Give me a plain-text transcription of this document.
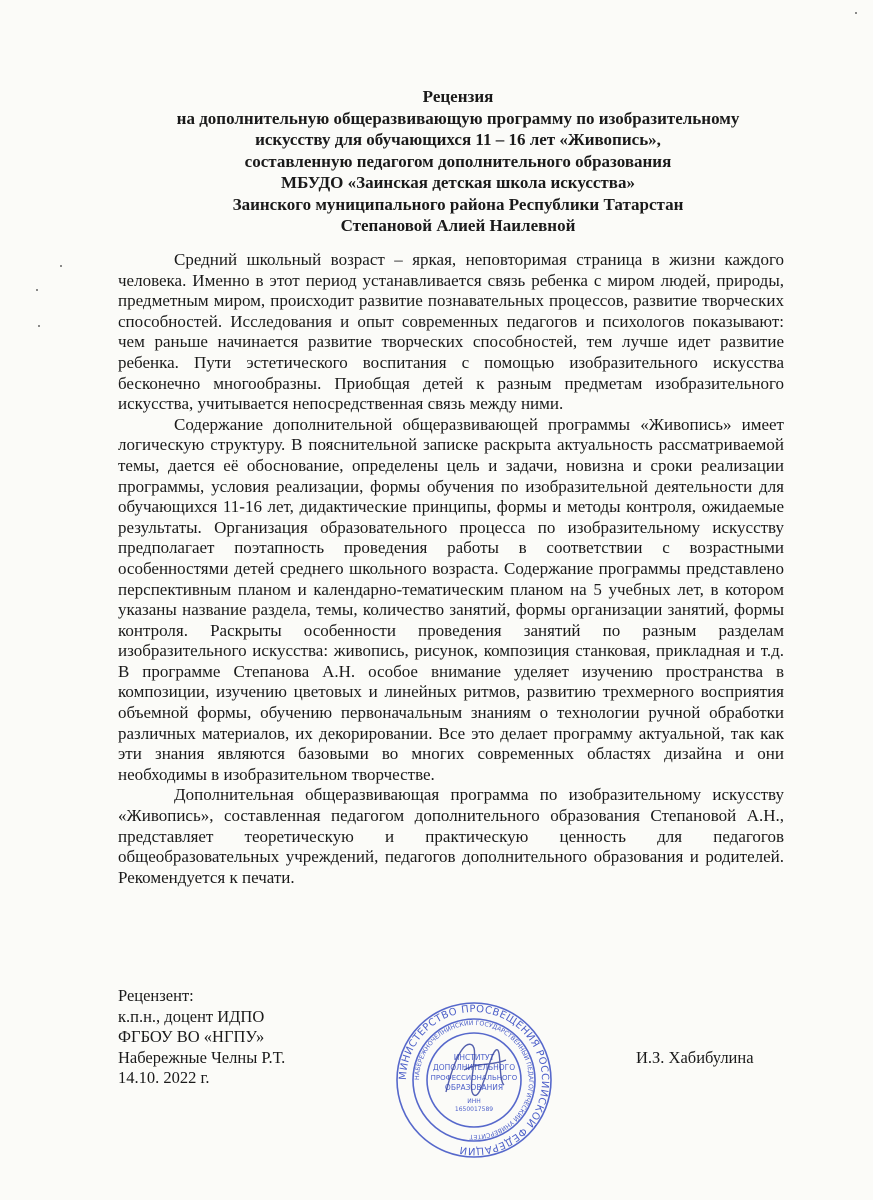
Рецензия
на дополнительную общеразвивающую программу по изобразительному
искусству для обучающихся 11 – 16 лет «Живопись»,
составленную педагогом дополнительного образования
МБУДО «Заинская детская школа искусства»
Заинского муниципального района Республики Татарстан
Степановой Алией Наилевной

Средний школьный возраст – яркая, неповторимая страница в жизни каждого человека. Именно в этот период устанавливается связь ребенка с миром людей, природы, предметным миром, происходит развитие познавательных процессов, развитие творческих способностей. Исследования и опыт современных педагогов и психологов показывают: чем раньше начинается развитие творческих способностей, тем лучше идет развитие ребенка. Пути эстетического воспитания с помощью изобразительного искусства бесконечно многообразны. Приобщая детей к разным предметам изобразительного искусства, учитывается непосредственная связь между ними.

Содержание дополнительной общеразвивающей программы «Живопись» имеет логическую структуру. В пояснительной записке раскрыта актуальность рассматриваемой темы, дается её обоснование, определены цель и задачи, новизна и сроки реализации программы, условия реализации, формы обучения по изобразительной деятельности для обучающихся 11-16 лет, дидактические принципы, формы и методы контроля, ожидаемые результаты. Организация образовательного процесса по изобразительному искусству предполагает поэтапность проведения работы в соответствии с возрастными особенностями детей среднего школьного возраста. Содержание программы представлено перспективным планом и календарно-тематическим планом на 5 учебных лет, в котором указаны название раздела, темы, количество занятий, формы организации занятий, формы контроля. Раскрыты особенности проведения занятий по разным разделам изобразительного искусства: живопись, рисунок, композиция станковая, прикладная и т.д. В программе Степанова А.Н. особое внимание уделяет изучению пространства в композиции, изучению цветовых и линейных ритмов, развитию трехмерного восприятия объемной формы, обучению первоначальным знаниям о технологии ручной обработки различных материалов, их декорировании. Все это делает программу актуальной, так как эти знания являются базовыми во многих современных областях дизайна и они необходимы в изобразительном творчестве.

Дополнительная общеразвивающая программа по изобразительному искусству «Живопись», составленная педагогом дополнительного образования Степановой А.Н., представляет теоретическую и практическую ценность для педагогов общеобразовательных учреждений, педагогов дополнительного образования и родителей. Рекомендуется к печати.

Рецензент:
к.п.н., доцент ИДПО
ФГБОУ ВО «НГПУ»
Набережные Челны Р.Т.
14.10. 2022 г.
И.З. Хабибулина
МИНИСТЕРСТВО ПРОСВЕЩЕНИЯ РОССИЙСКОЙ ФЕДЕРАЦИИ
НАБЕРЕЖНОЧЕЛНИНСКИЙ ГОСУДАРСТВЕННЫЙ ПЕДАГОГИЧЕСКИЙ УНИВЕРСИТЕТ
ИНСТИТУТ
ДОПОЛНИТЕЛЬНОГО
ПРОФЕССИОНАЛЬНОГО
ОБРАЗОВАНИЯ
ИНН
1650017589
